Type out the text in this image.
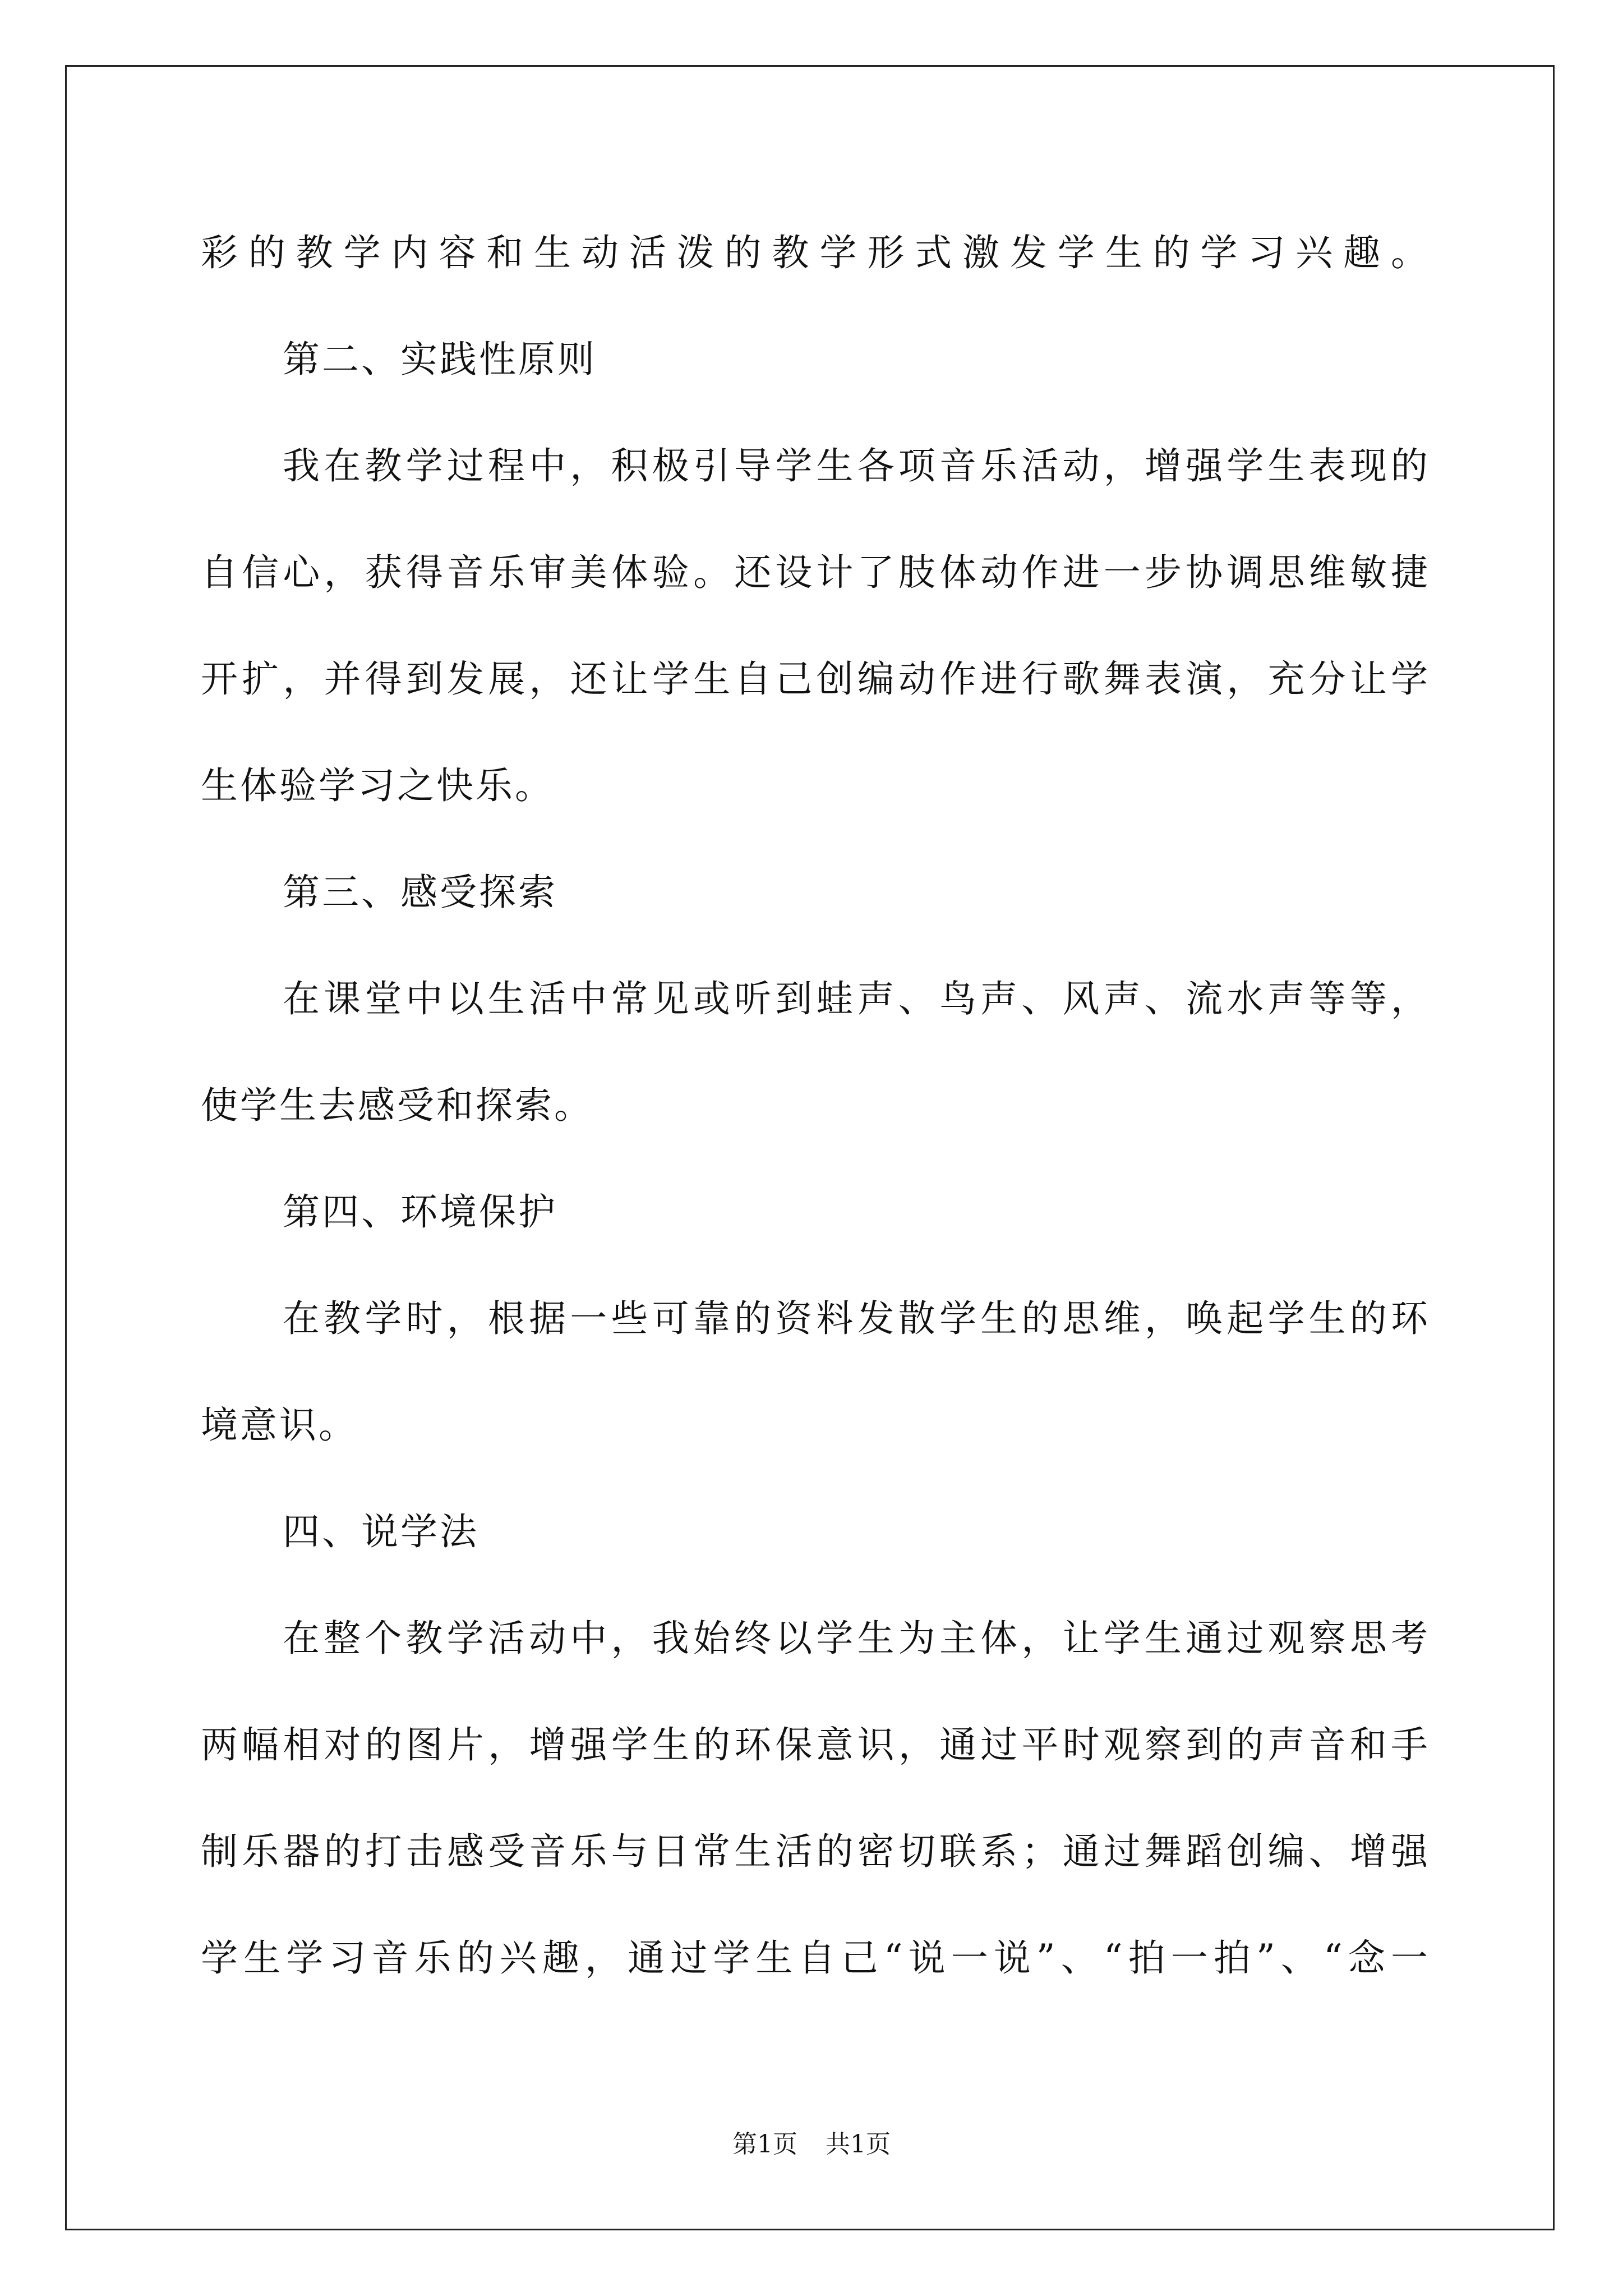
彩的教学内容和生动活泼的教学形式激发学生的学习兴趣。
第二、实践性原则
我在教学过程中，积极引导学生各项音乐活动，增强学生表现的
自信心，获得音乐审美体验。还设计了肢体动作进一步协调思维敏捷
开扩，并得到发展，还让学生自己创编动作进行歌舞表演，充分让学
生体验学习之快乐。
第三、感受探索
在课堂中以生活中常见或听到蛙声、鸟声、风声、流水声等等，
使学生去感受和探索。
第四、环境保护
在教学时，根据一些可靠的资料发散学生的思维，唤起学生的环
境意识。
四、说学法
在整个教学活动中，我始终以学生为主体，让学生通过观察思考
两幅相对的图片，增强学生的环保意识，通过平时观察到的声音和手
制乐器的打击感受音乐与日常生活的密切联系；通过舞蹈创编、增强
学生学习音乐的兴趣，通过学生自己“说一说”、“拍一拍”、“念一
第1页 共1页
